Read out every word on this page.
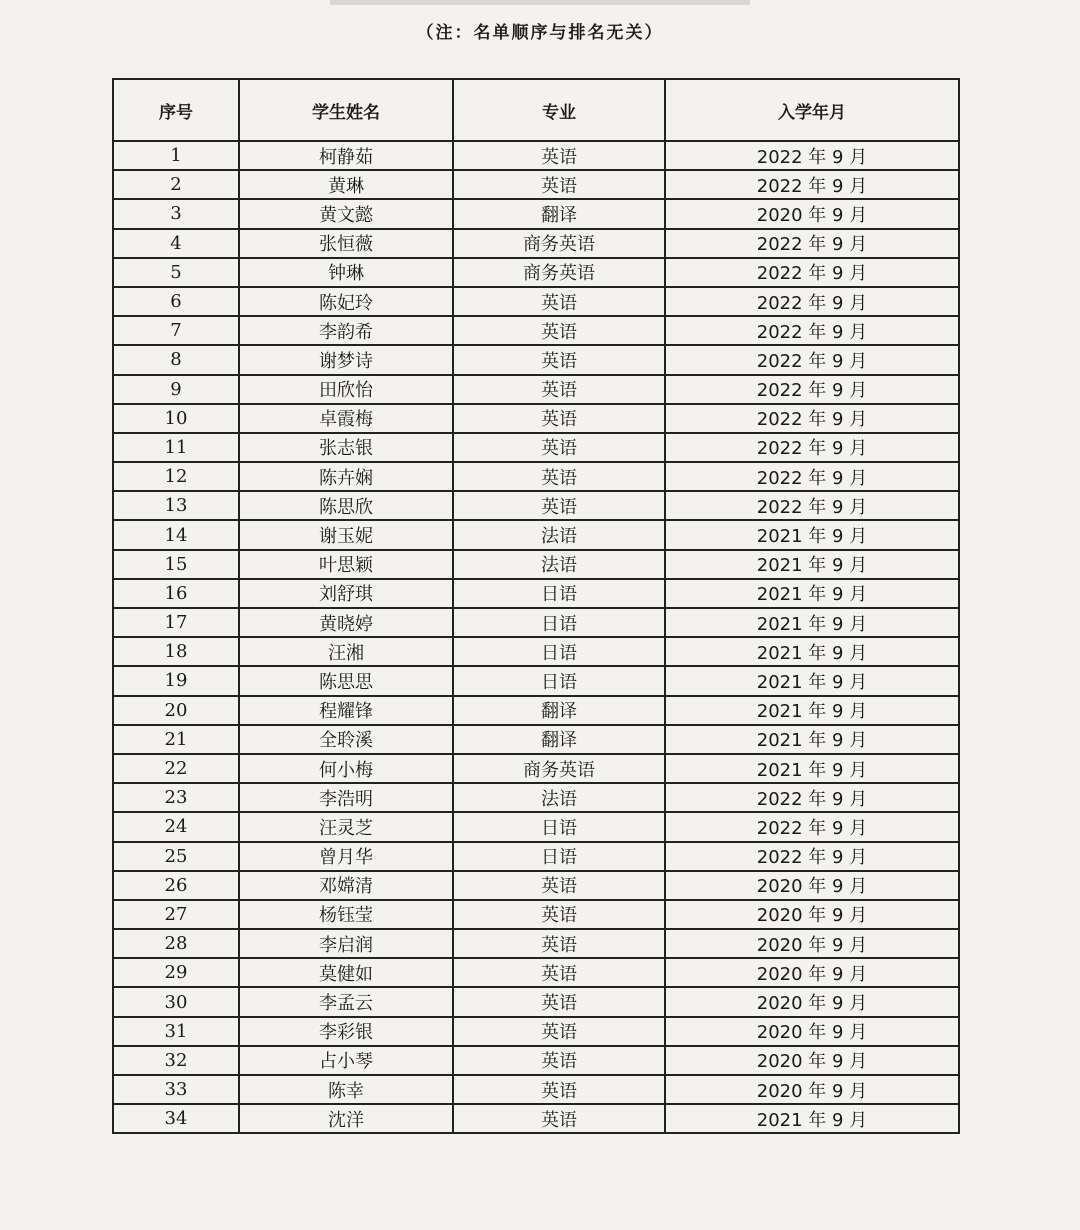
（注：名单顺序与排名无关）
序号	学生姓名	专业	入学年月
1	柯静茹	英语	2022 年 9 月
2	黄琳	英语	2022 年 9 月
3	黄文懿	翻译	2020 年 9 月
4	张恒薇	商务英语	2022 年 9 月
5	钟琳	商务英语	2022 年 9 月
6	陈妃玲	英语	2022 年 9 月
7	李韵希	英语	2022 年 9 月
8	谢梦诗	英语	2022 年 9 月
9	田欣怡	英语	2022 年 9 月
10	卓霞梅	英语	2022 年 9 月
11	张志银	英语	2022 年 9 月
12	陈卉娴	英语	2022 年 9 月
13	陈思欣	英语	2022 年 9 月
14	谢玉妮	法语	2021 年 9 月
15	叶思颖	法语	2021 年 9 月
16	刘舒琪	日语	2021 年 9 月
17	黄晓婷	日语	2021 年 9 月
18	汪湘	日语	2021 年 9 月
19	陈思思	日语	2021 年 9 月
20	程耀锋	翻译	2021 年 9 月
21	全聆溪	翻译	2021 年 9 月
22	何小梅	商务英语	2021 年 9 月
23	李浩明	法语	2022 年 9 月
24	汪灵芝	日语	2022 年 9 月
25	曾月华	日语	2022 年 9 月
26	邓嫦清	英语	2020 年 9 月
27	杨钰莹	英语	2020 年 9 月
28	李启润	英语	2020 年 9 月
29	莫健如	英语	2020 年 9 月
30	李孟云	英语	2020 年 9 月
31	李彩银	英语	2020 年 9 月
32	占小琴	英语	2020 年 9 月
33	陈幸	英语	2020 年 9 月
34	沈洋	英语	2021 年 9 月
